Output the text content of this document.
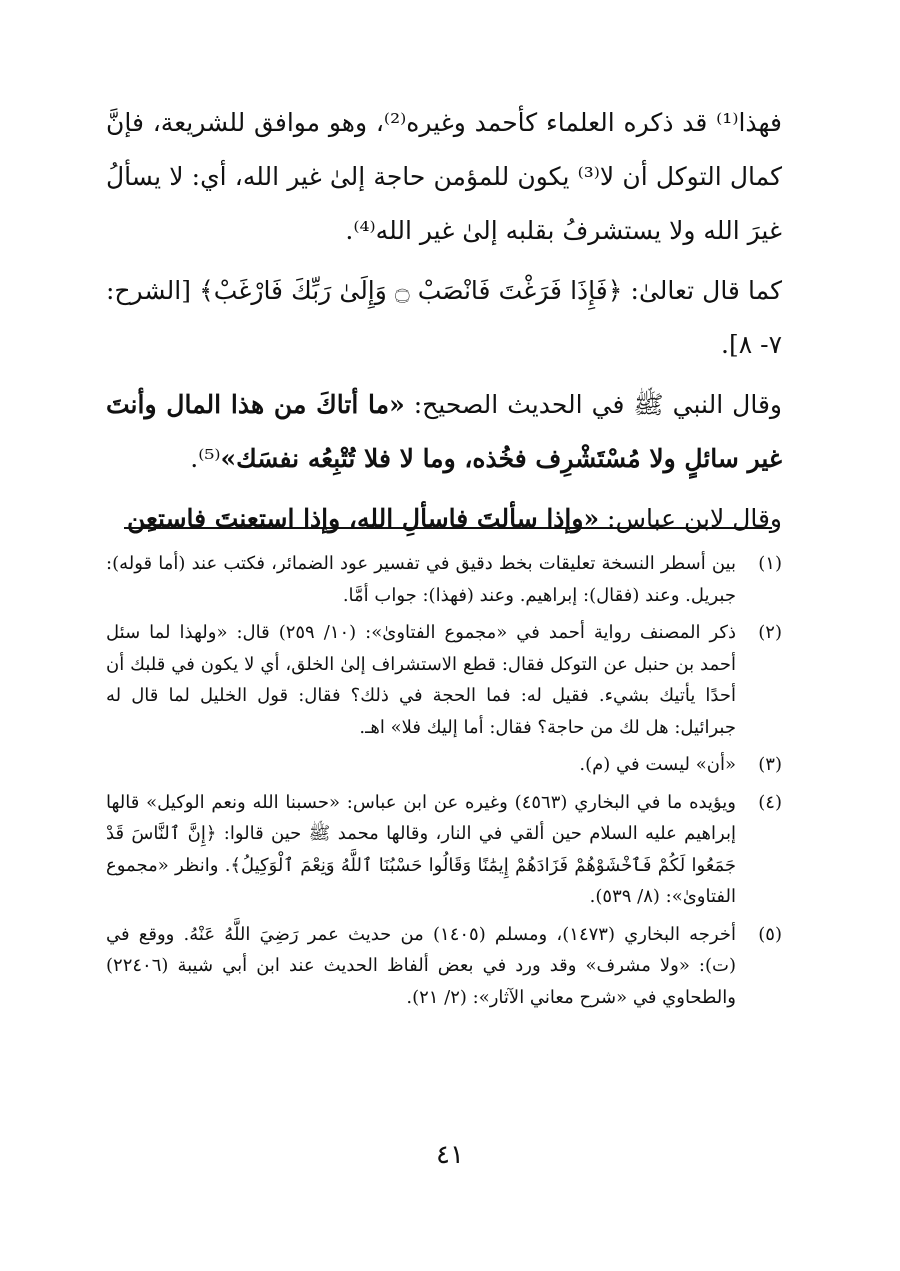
فهذا⁽¹⁾ قد ذكره العلماء كأحمد وغيره⁽²⁾، وهو موافق للشريعة، فإنَّ كمال التوكل أن لا⁽³⁾ يكون للمؤمن حاجة إلىٰ غير الله، أي: لا يسألُ غيرَ الله ولا يستشرفُ بقلبه إلىٰ غير الله⁽⁴⁾.

كما قال تعالىٰ: ﴿فَإِذَا فَرَغْتَ فَانْصَبْ ۝ وَإِلَىٰ رَبِّكَ فَارْغَبْ﴾ [الشرح: ٧- ٨].

وقال النبي ﷺ في الحديث الصحيح: «ما أتاكَ من هذا المال وأنتَ غير سائلٍ ولا مُسْتَشْرِف فخُذه، وما لا فلا تُتْبِعُه نفسَك»⁽⁵⁾.

وقال لابن عباس: «وإذا سألتَ فاسألِ الله، وإذا استعنتَ فاستعِن

(١)
بين أسطر النسخة تعليقات بخط دقيق في تفسير عود الضمائر، فكتب عند (أما قوله): جبريل. وعند (فقال): إبراهيم. وعند (فهذا): جواب أمَّا.
(٢)
ذكر المصنف رواية أحمد في «مجموع الفتاوىٰ»: (١٠/ ٢٥٩) قال: «ولهذا لما سئل أحمد بن حنبل عن التوكل فقال: قطع الاستشراف إلىٰ الخلق، أي لا يكون في قلبك أن أحدًا يأتيك بشيء. فقيل له: فما الحجة في ذلك؟ فقال: قول الخليل لما قال له جبرائيل: هل لك من حاجة؟ فقال: أما إليك فلا» اهـ.
(٣)
«أن» ليست في (م).
(٤)
ويؤيده ما في البخاري (٤٥٦٣) وغيره عن ابن عباس: «حسبنا الله ونعم الوكيل» قالها إبراهيم عليه السلام حين ألقي في النار، وقالها محمد ﷺ حين قالوا: ﴿إِنَّ ٱلنَّاسَ قَدْ جَمَعُوا لَكُمْ فَٱخْشَوْهُمْ فَزَادَهُمْ إِيمَٰنًا وَقَالُوا حَسْبُنَا ٱللَّهُ وَنِعْمَ ٱلْوَكِيلُ﴾. وانظر «مجموع الفتاوىٰ»: (٨/ ٥٣٩).
(٥)
أخرجه البخاري (١٤٧٣)، ومسلم (١٤٠٥) من حديث عمر رَضِيَ اللَّهُ عَنْهُ. ووقع في (ت): «ولا مشرف» وقد ورد في بعض ألفاظ الحديث عند ابن أبي شيبة (٢٢٤٠٦) والطحاوي في «شرح معاني الآثار»: (٢/ ٢١).
٤١
